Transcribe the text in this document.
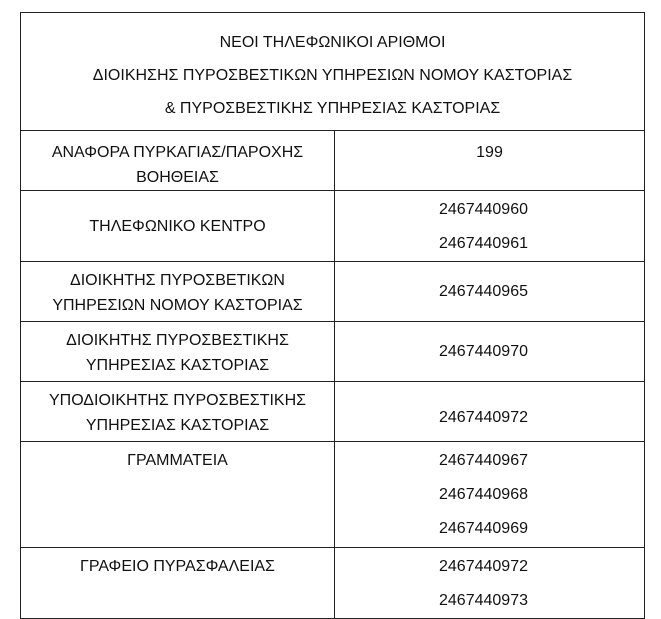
ΝΕΟΙ ΤΗΛΕΦΩΝΙΚΟΙ ΑΡΙΘΜΟΙ
ΔΙΟΙΚΗΣΗΣ ΠΥΡΟΣΒΕΣΤΙΚΩΝ ΥΠΗΡΕΣΙΩΝ ΝΟΜΟΥ ΚΑΣΤΟΡΙΑΣ
& ΠΥΡΟΣΒΕΣΤΙΚΗΣ ΥΠΗΡΕΣΙΑΣ ΚΑΣΤΟΡΙΑΣ	

ΑΝΑΦΟΡΑ ΠΥΡΚΑΓΙΑΣ/ΠΑΡΟΧΗΣ
ΒΟΗΘΕΙΑΣ	199

ΤΗΛΕΦΩΝΙΚΟ ΚΕΝΤΡΟ	2467440960
2467440961

ΔΙΟΙΚΗΤΗΣ ΠΥΡΟΣΒΕΤΙΚΩΝ
ΥΠΗΡΕΣΙΩΝ ΝΟΜΟΥ ΚΑΣΤΟΡΙΑΣ	2467440965

ΔΙΟΙΚΗΤΗΣ ΠΥΡΟΣΒΕΣΤΙΚΗΣ
ΥΠΗΡΕΣΙΑΣ ΚΑΣΤΟΡΙΑΣ	2467440970

ΥΠΟΔΙΟΙΚΗΤΗΣ ΠΥΡΟΣΒΕΣΤΙΚΗΣ
ΥΠΗΡΕΣΙΑΣ ΚΑΣΤΟΡΙΑΣ	2467440972

ΓΡΑΜΜΑΤΕΙΑ	2467440967
2467440968
2467440969

ΓΡΑΦΕΙΟ ΠΥΡΑΣΦΑΛΕΙΑΣ	2467440972
2467440973
